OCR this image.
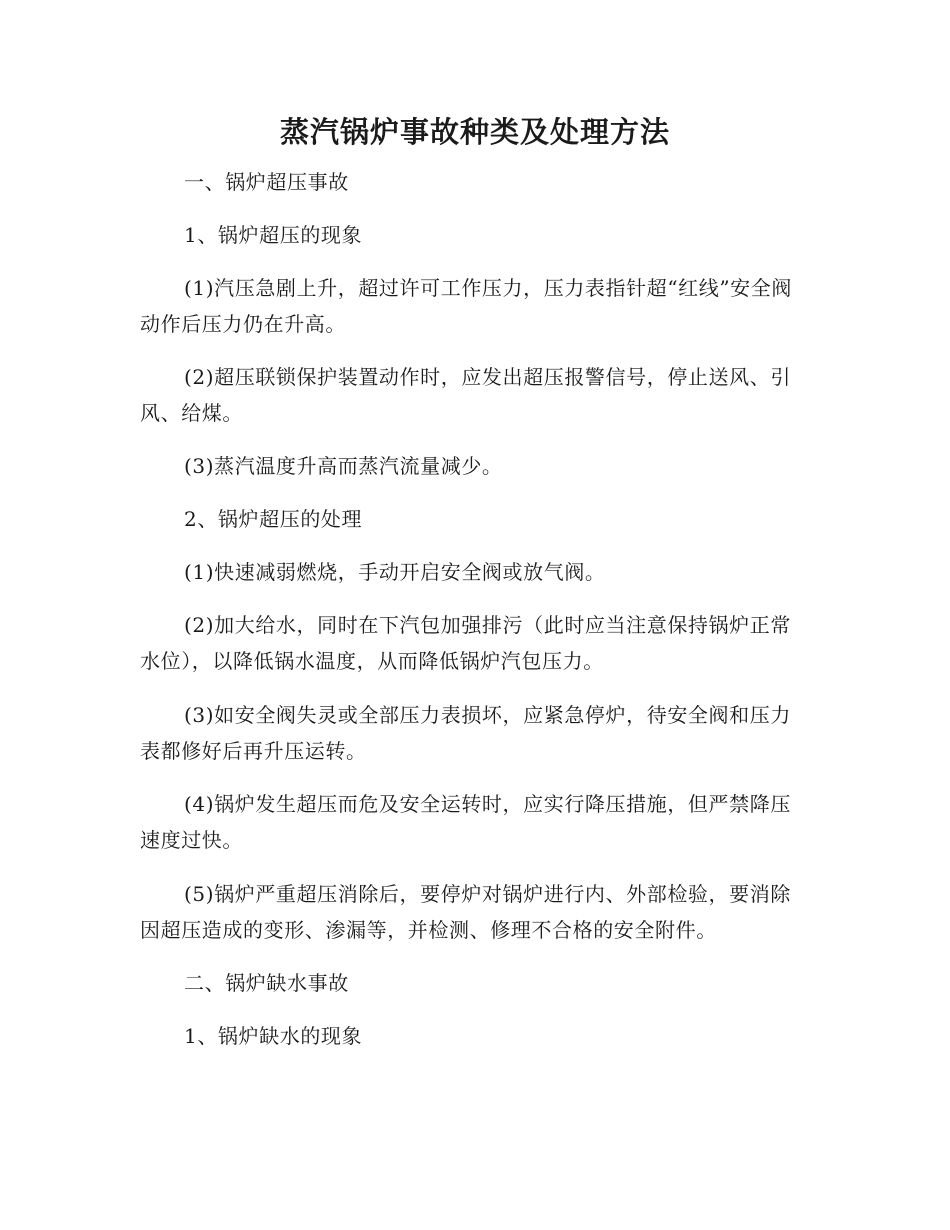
蒸汽锅炉事故种类及处理方法

一、锅炉超压事故

1、锅炉超压的现象

(1)汽压急剧上升，超过许可工作压力，压力表指针超“红线”安全阀动作后压力仍在升高。

(2)超压联锁保护装置动作时，应发出超压报警信号，停止送风、引风、给煤。

(3)蒸汽温度升高而蒸汽流量减少。

2、锅炉超压的处理

(1)快速减弱燃烧，手动开启安全阀或放气阀。

(2)加大给水，同时在下汽包加强排污（此时应当注意保持锅炉正常水位），以降低锅水温度，从而降低锅炉汽包压力。

(3)如安全阀失灵或全部压力表损坏，应紧急停炉，待安全阀和压力表都修好后再升压运转。

(4)锅炉发生超压而危及安全运转时，应实行降压措施，但严禁降压速度过快。

(5)锅炉严重超压消除后，要停炉对锅炉进行内、外部检验，要消除因超压造成的变形、渗漏等，并检测、修理不合格的安全附件。

二、锅炉缺水事故

1、锅炉缺水的现象
